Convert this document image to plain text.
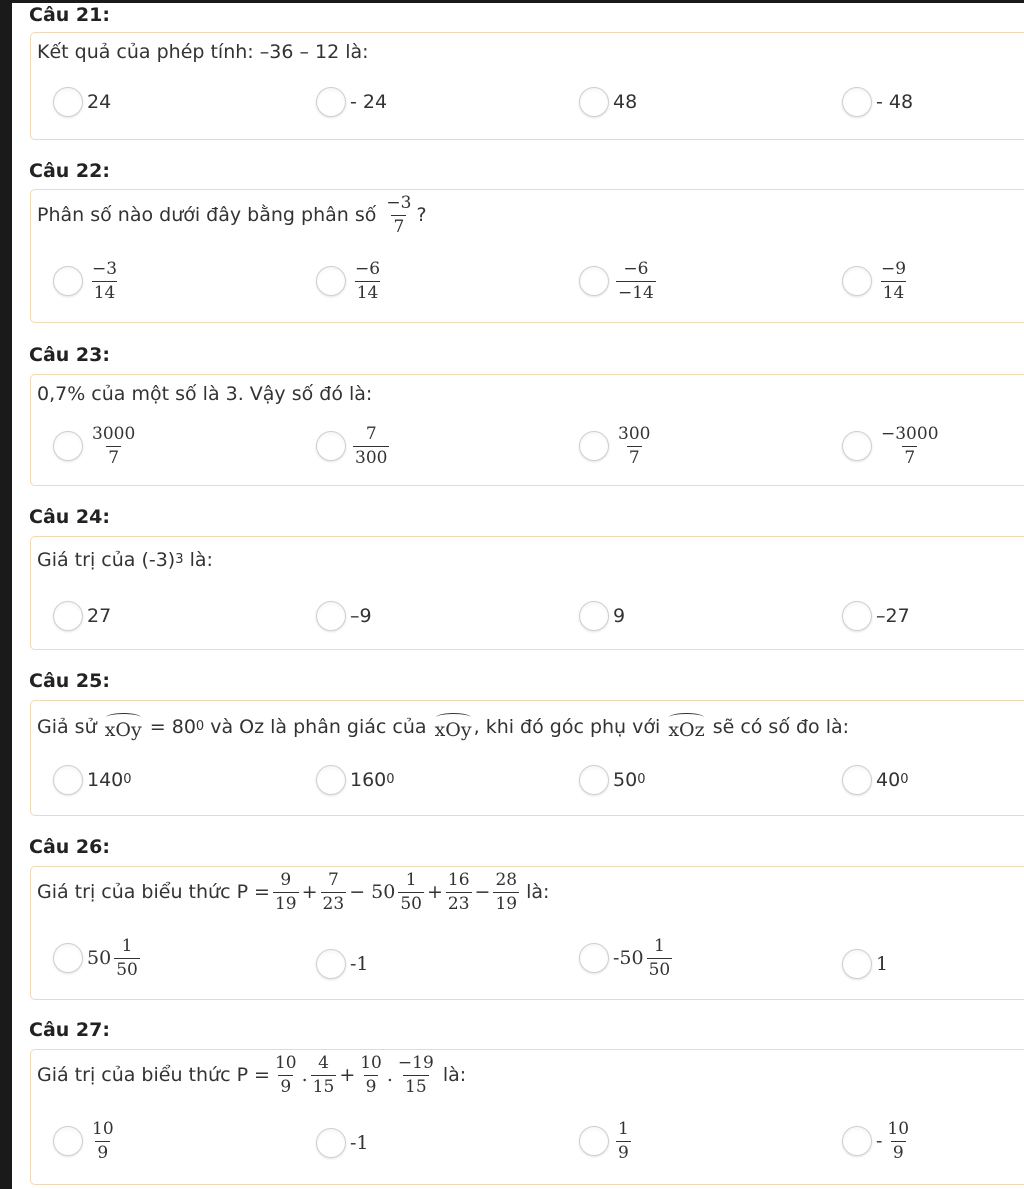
Câu 21:
Kết quả của phép tính: –36 – 12 là:
24	- 24	48	- 48
Câu 22:
Phân số nào dưới đây bằng phân số $\frac{-3}{7}$ ?
$\frac{-3}{14}$	$\frac{-6}{14}$	$\frac{-6}{-14}$	$\frac{-9}{14}$
Câu 23:
0,7% của một số là 3. Vậy số đó là:
$\frac{3000}{7}$	$\frac{7}{300}$	$\frac{300}{7}$	$\frac{-3000}{7}$
Câu 24:
Giá trị của
(-3) 3
là:
27	–9	9	–27
Câu 25:
Giả sử
xOy
= 80 0
và Oz là phân giác của
xOy , khi đó góc phụ với
xOz
sẽ có số đo là:
140 0	160 0	50 0	40 0
Câu 26:
Giá trị của biểu thức $P = \frac{9}{19} + \frac{7}{23} - 50 \frac{1}{50} + \frac{16}{23} - \frac{28}{19}$ là:
$50 \frac{1}{50}$	-1	$-50 \frac{1}{50}$	1
Câu 27:
Giá trị của biểu thức $P = \frac{10}{9}$ . $\frac{4}{15} + \frac{10}{9}$ . $\frac{-19}{15}$ là:
$\frac{10}{9}$	-1	$\frac{1}{9}$	- $\frac{10}{9}$
